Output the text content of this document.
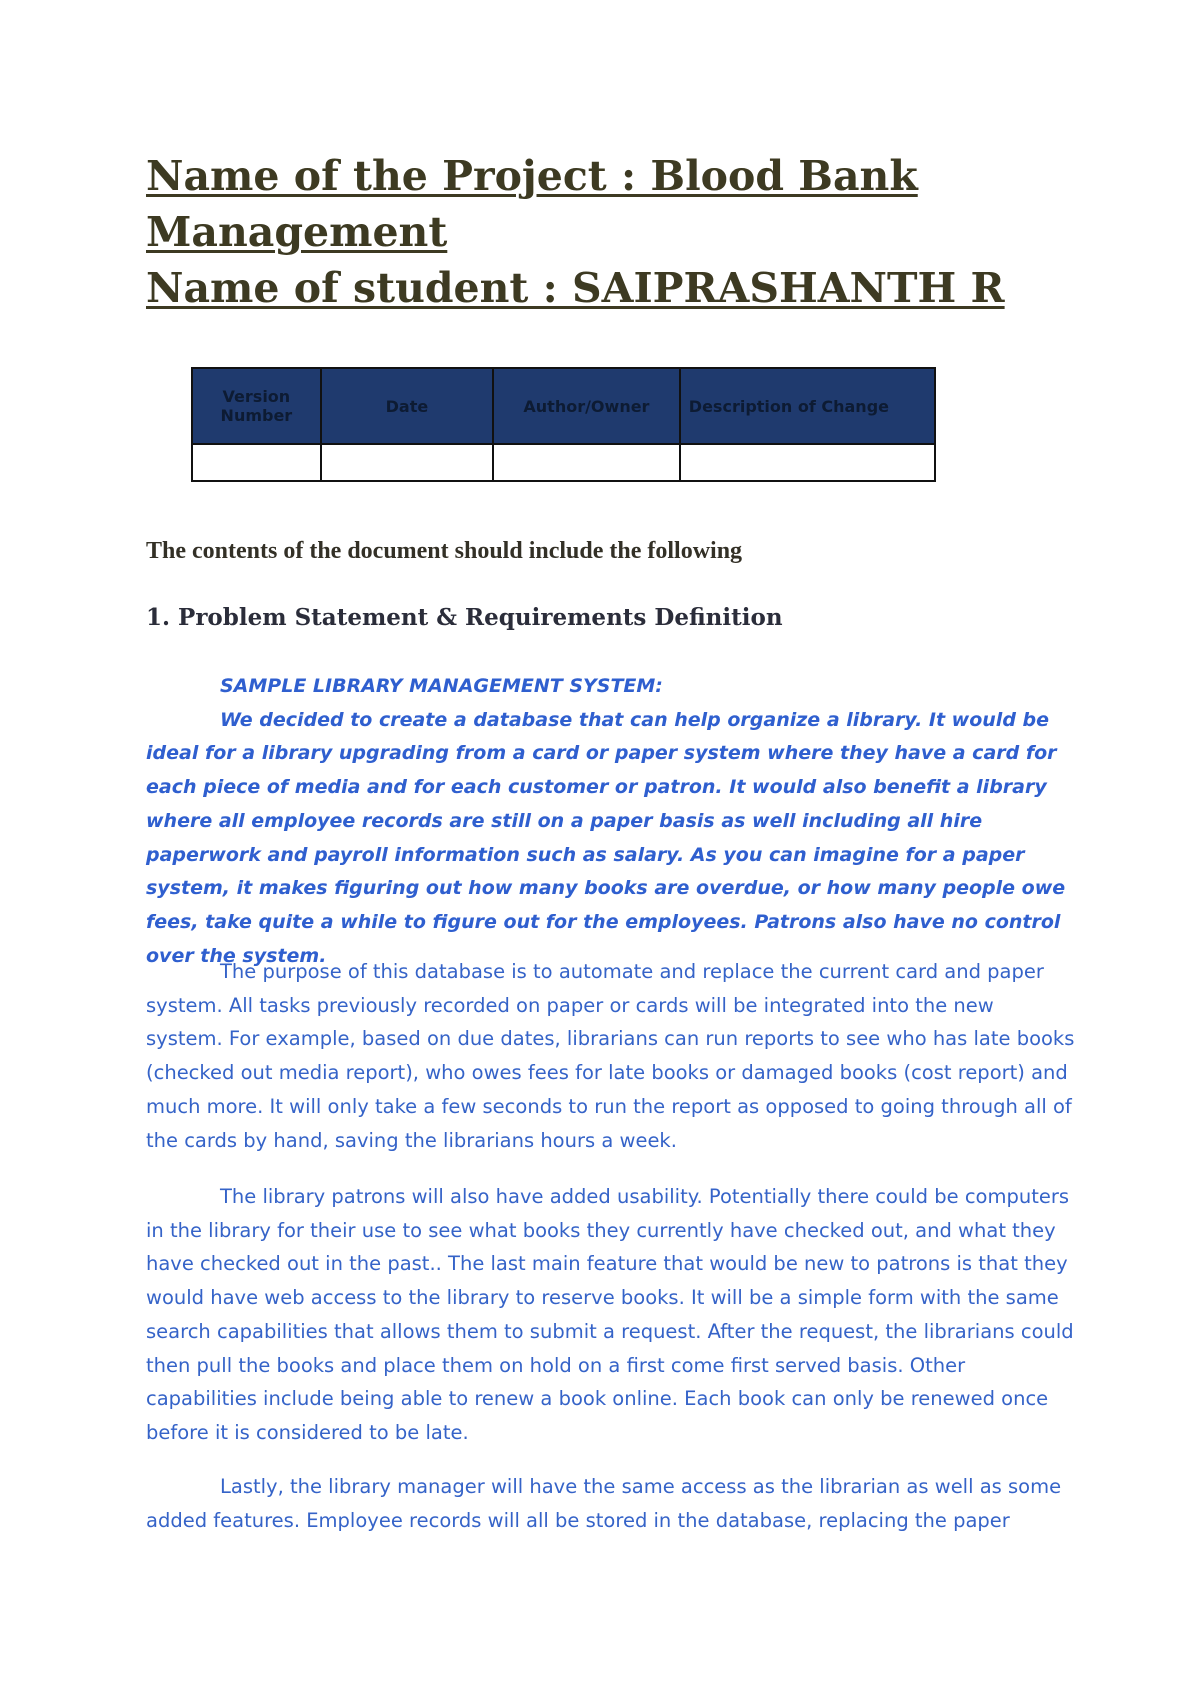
Name of the Project : Blood Bank
Management
Name of student : SAIPRASHANTH R
Version Number	Date	Author/Owner	Description of Change

The contents of the document should include the following
1. Problem Statement & Requirements Definition

SAMPLE LIBRARY MANAGEMENT SYSTEM:

We decided to create a database that can help organize a library. It would be ideal for a library upgrading from a card or paper system where they have a card for each piece of media and for each customer or patron. It would also benefit a library where all employee records are still on a paper basis as well including all hire paperwork and payroll information such as salary. As you can imagine for a paper system, it makes figuring out how many books are overdue, or how many people owe fees, take quite a while to figure out for the employees. Patrons also have no control over the system.

The purpose of this database is to automate and replace the current card and paper system. All tasks previously recorded on paper or cards will be integrated into the new system. For example, based on due dates, librarians can run reports to see who has late books (checked out media report), who owes fees for late books or damaged books (cost report) and much more. It will only take a few seconds to run the report as opposed to going through all of the cards by hand, saving the librarians hours a week.

The library patrons will also have added usability. Potentially there could be computers in the library for their use to see what books they currently have checked out, and what they have checked out in the past.. The last main feature that would be new to patrons is that they would have web access to the library to reserve books. It will be a simple form with the same search capabilities that allows them to submit a request. After the request, the librarians could then pull the books and place them on hold on a first come first served basis. Other capabilities include being able to renew a book online. Each book can only be renewed once before it is considered to be late.

Lastly, the library manager will have the same access as the librarian as well as some added features. Employee records will all be stored in the database, replacing the paper
